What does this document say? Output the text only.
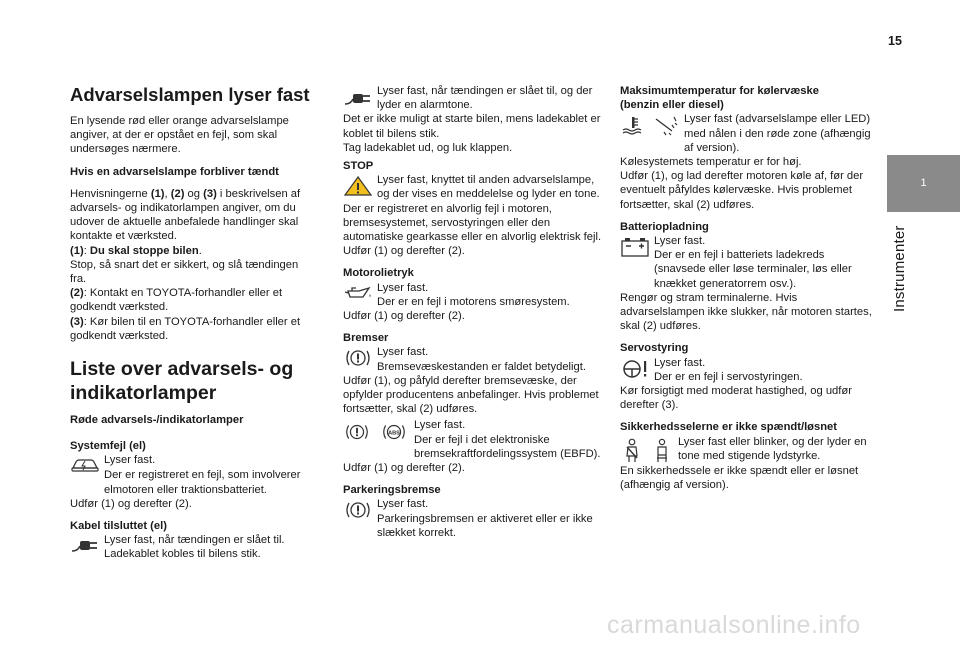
15
1
Instrumenter
Advarselslampen lyser fast

En lysende rød eller orange advarselslampe angiver, at der er opstået en fejl, som skal undersøges nærmere.

Hvis en advarselslampe forbliver tændt

Henvisningerne (1), (2) og (3) i beskrivelsen af advarsels- og indikatorlampen angiver, om du udover de aktuelle anbefalede handlinger skal kontakte et værksted.

(1): Du skal stoppe bilen.

Stop, så snart det er sikkert, og slå tændingen fra.

(2): Kontakt en TOYOTA-forhandler eller et godkendt værksted.

(3): Kør bilen til en TOYOTA-forhandler eller et godkendt værksted.

Liste over advarsels- og indikatorlamper
Røde advarsels-/indikatorlamper
Systemfejl (el)

Lyser fast.

Der er registreret en fejl, som involverer elmotoren eller traktionsbatteriet.

Udfør (1) og derefter (2).

Kabel tilsluttet (el)

Lyser fast, når tændingen er slået til.

Ladekablet kobles til bilens stik.

Lyser fast, når tændingen er slået til, og der lyder en alarmtone.

Det er ikke muligt at starte bilen, mens ladekablet er koblet til bilens stik.

Tag ladekablet ud, og luk klappen.

STOP

Lyser fast, knyttet til anden advarselslampe, og der vises en meddelelse og lyder en tone.

Der er registreret en alvorlig fejl i motoren, bremsesystemet, servostyringen eller den automatiske gearkasse eller en alvorlig elektrisk fejl.

Udfør (1) og derefter (2).

Motorolietryk

Lyser fast.

Der er en fejl i motorens smøresystem.

Udfør (1) og derefter (2).

Bremser

Lyser fast.

Bremsevæskestanden er faldet betydeligt.

Udfør (1), og påfyld derefter bremsevæske, der opfylder producentens anbefalinger. Hvis problemet fortsætter, skal (2) udføres.

ABS

Lyser fast.

Der er fejl i det elektroniske bremsekraftfordelingssystem (EBFD).

Udfør (1) og derefter (2).

Parkeringsbremse

Lyser fast.

Parkeringsbremsen er aktiveret eller er ikke slækket korrekt.

Maksimumtemperatur for kølervæske (benzin eller diesel)

Lyser fast (advarselslampe eller LED) med nålen i den røde zone (afhængig af version).

Kølesystemets temperatur er for høj.

Udfør (1), og lad derefter motoren køle af, før der eventuelt påfyldes kølervæske. Hvis problemet fortsætter, skal (2) udføres.

Batteriopladning

Lyser fast.

Der er en fejl i batteriets ladekreds (snavsede eller løse terminaler, løs eller knækket generatorrem osv.).

Rengør og stram terminalerne. Hvis advarselslampen ikke slukker, når motoren startes, skal (2) udføres.

Servostyring

Lyser fast.

Der er en fejl i servostyringen.

Kør forsigtigt med moderat hastighed, og udfør derefter (3).

Sikkerhedsselerne er ikke spændt/løsnet

Lyser fast eller blinker, og der lyder en tone med stigende lydstyrke.

En sikkerhedssele er ikke spændt eller er løsnet (afhængig af version).

carmanualsonline.info
